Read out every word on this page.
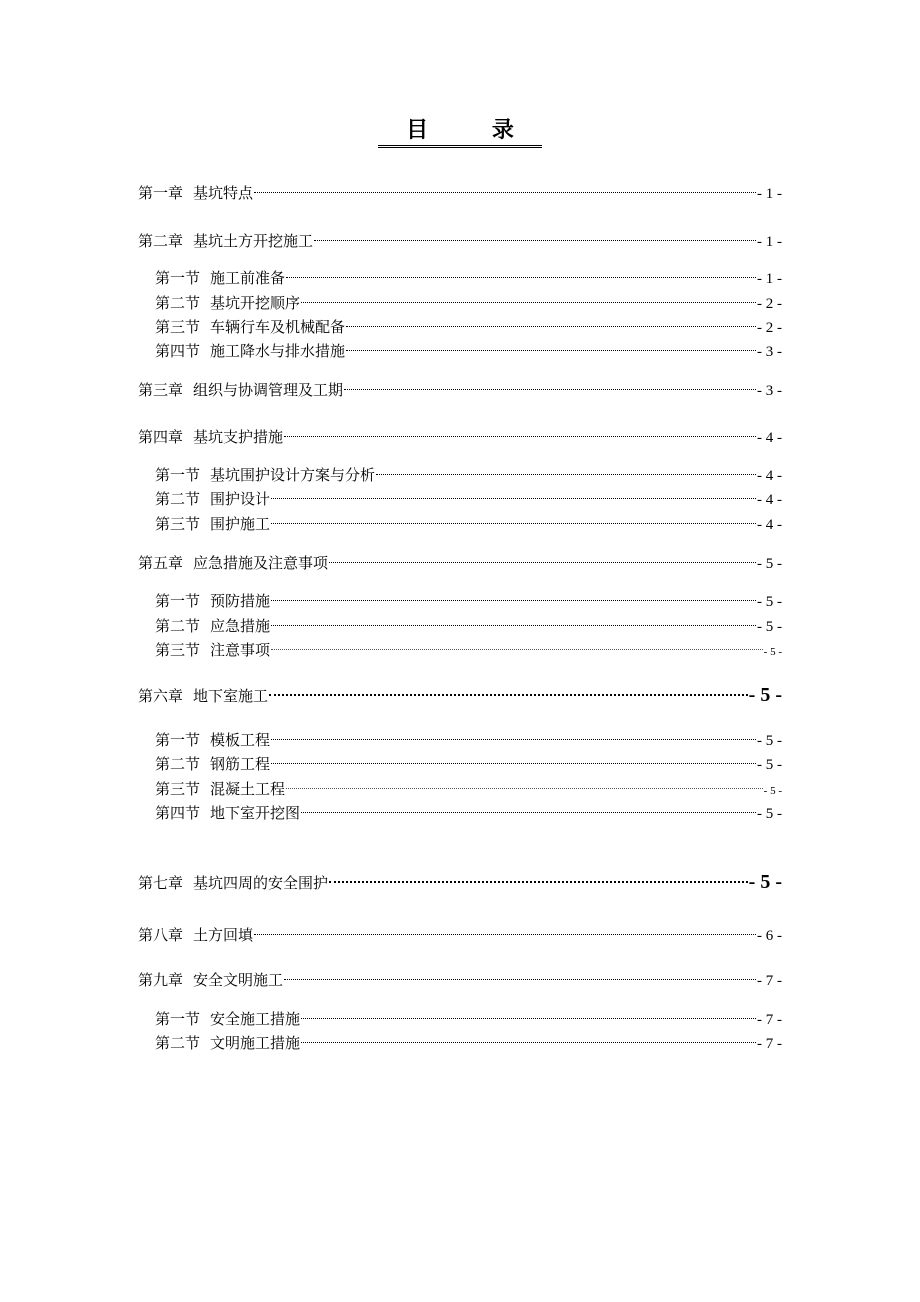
目 录
第一章 基坑特点	- 1 -
第二章 基坑土方开挖施工	- 1 -
第一节 施工前准备	- 1 -
第二节 基坑开挖顺序	- 2 -
第三节 车辆行车及机械配备	- 2 -
第四节 施工降水与排水措施	- 3 -
第三章 组织与协调管理及工期	- 3 -
第四章 基坑支护措施	- 4 -
第一节 基坑围护设计方案与分析	- 4 -
第二节 围护设计	- 4 -
第三节 围护施工	- 4 -
第五章 应急措施及注意事项	- 5 -
第一节 预防措施	- 5 -
第二节 应急措施	- 5 -
第三节 注意事项	- 5 -
第六章 地下室施工	- 5 -
第一节 模板工程	- 5 -
第二节 钢筋工程	- 5 -
第三节 混凝土工程	- 5 -
第四节 地下室开挖图	- 5 -
第七章 基坑四周的安全围护	- 5 -
第八章 土方回填	- 6 -
第九章 安全文明施工	- 7 -
第一节 安全施工措施	- 7 -
第二节 文明施工措施	- 7 -
